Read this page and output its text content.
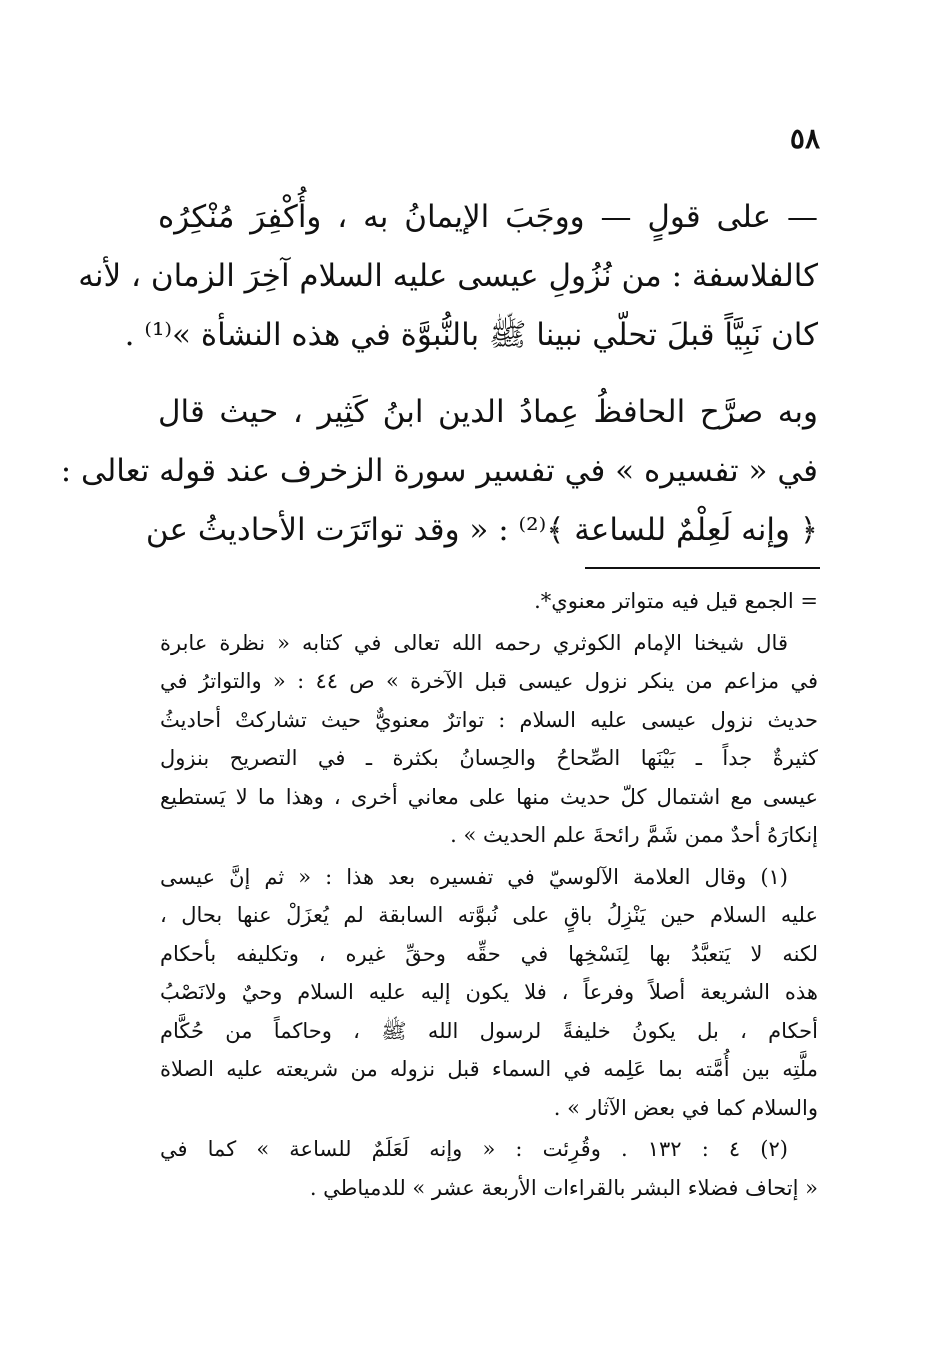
٥٨
— على قولٍ — ووجَبَ الإيمانُ به ، وأُكْفِرَ مُنْكِرُه
كالفلاسفة : من نُزُولِ عيسى عليه السلام آخِرَ الزمان ، لأنه
كان نَبِيَّاً قبلَ تحلّي نبينا ﷺ بالنُّبوَّة في هذه النشأة »⁽¹⁾ .
وبه صرَّح الحافظُ عِمادُ الدين ابنُ كَثِير ، حيث قال
في « تفسيره » في تفسير سورة الزخرف عند قوله تعالى :
﴿ وإنه لَعِلْمٌ للساعة ﴾⁽²⁾ : « وقد تواتَرَت الأحاديثُ عن
= الجمع قيل فيه متواتر معنوي*.
قال شيخنا الإمام الكوثري رحمه الله تعالى في كتابه « نظرة عابرة
في مزاعم من ينكر نزول عيسى قبل الآخرة » ص ٤٤ : « والتواترُ في
حديث نزول عيسى عليه السلام : تواترٌ معنويٌّ حيث تشاركتْ أحاديثُ
كثيرةٌ جداً ـ بَيْنَها الصِّحاحُ والحِسانُ بكثرة ـ في التصريح بنزول
عيسى مع اشتمال كلّ حديث منها على معاني أخرى ، وهذا ما لا يَستطيع
إنكارَهُ أحدٌ ممن شَمَّ رائحةَ علم الحديث » .
(١) وقال العلامة الآلوسيّ في تفسيره بعد هذا : « ثم إنَّ عيسى
عليه السلام حين يَنْزِلُ باقٍ على نُبوَّته السابقة لم يُعزَلْ عنها بحال ،
لكنه لا يَتعبَّدُ بها لِنَسْخِها في حقِّه وحقِّ غيره ، وتكليفه بأحكام
هذه الشريعة أصلاً وفرعاً ، فلا يكون إليه عليه السلام وحيٌ ولانَصْبُ
أحكام ، بل يكونُ خليفةً لرسول الله ﷺ ، وحاكماً من حُكَّام
ملَّتِه بين أُمَّته بما عَلِمه في السماء قبل نزوله من شريعته عليه الصلاة
والسلام كما في بعض الآثار » .
(٢) ٤ : ١٣٢ . وقُرِئت : « وإنه لَعَلَمٌ للساعة » كما في
« إتحاف فضلاء البشر بالقراءات الأربعة عشر » للدمياطي .
